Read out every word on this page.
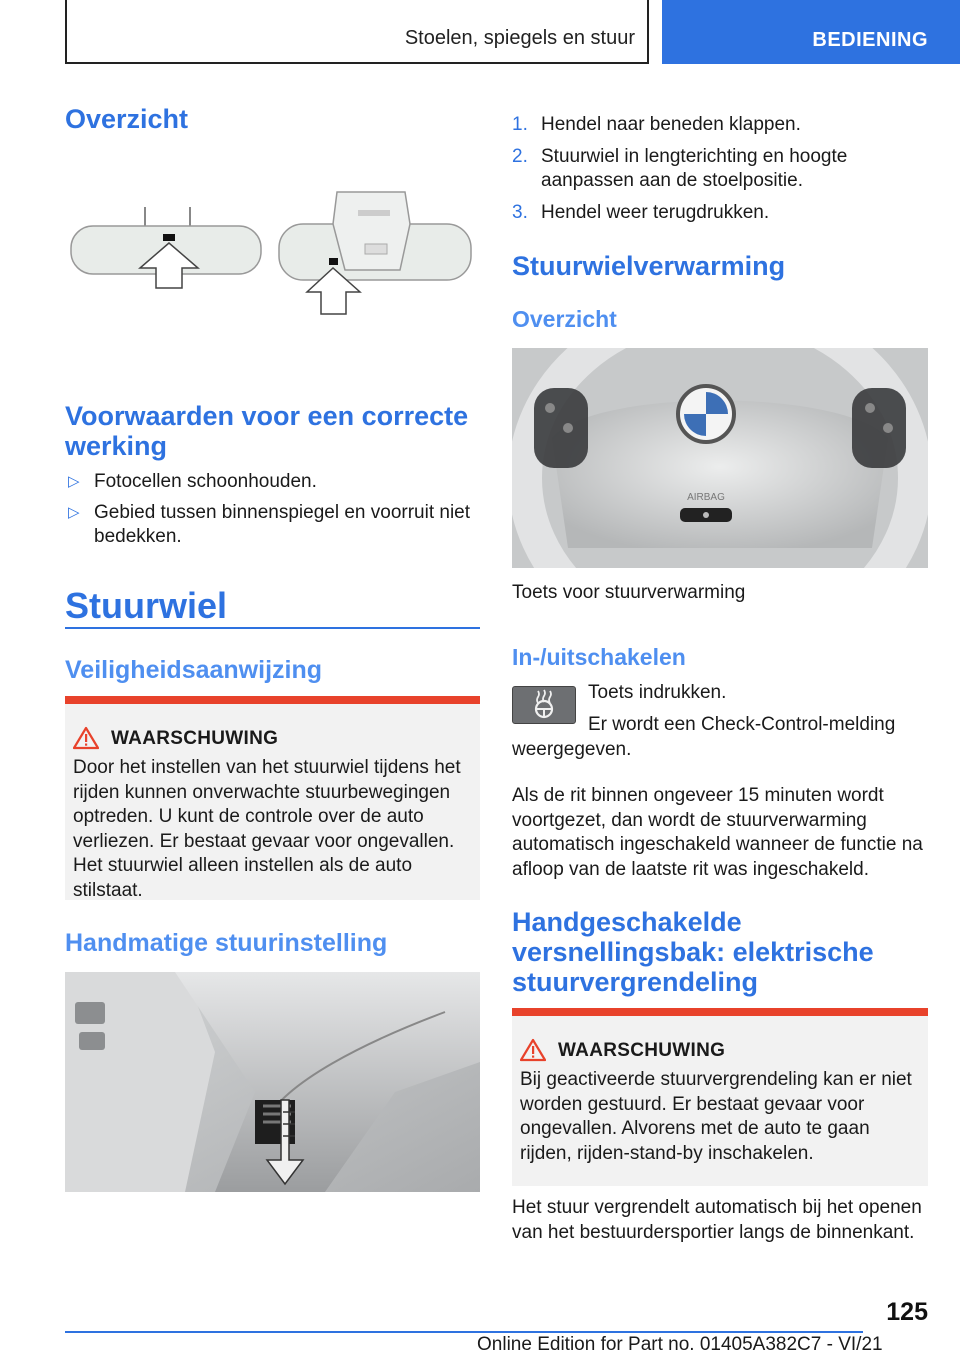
Stoelen, spiegels en stuur	BEDIENING
Overzicht
Voorwaarden voor een correcte werking
▷ Fotocellen schoonhouden.
▷ Gebied tussen binnenspiegel en voorruit niet bedekken.
Stuurwiel
Veiligheidsaanwijzing
WAARSCHUWING
Door het instellen van het stuurwiel tijdens het rijden kunnen onverwachte stuurbewegingen optreden. U kunt de controle over de auto verliezen. Er bestaat gevaar voor ongevallen. Het stuurwiel alleen instellen als de auto stilstaat.
Handmatige stuurinstelling
1. Hendel naar beneden klappen.
2. Stuurwiel in lengterichting en hoogte aanpassen aan de stoelpositie.
3. Hendel weer terugdrukken.
Stuurwielverwarming
Overzicht
AIRBAG
Toets voor stuurverwarming
In-/uitschakelen
Toets indrukken.
Er wordt een Check-Control-melding weergegeven.
Als de rit binnen ongeveer 15 minuten wordt voortgezet, dan wordt de stuurverwarming automatisch ingeschakeld wanneer de functie na afloop van de laatste rit was ingeschakeld.
Handgeschakelde versnellingsbak: elektrische stuurvergrendeling
WAARSCHUWING
Bij geactiveerde stuurvergrendeling kan er niet worden gestuurd. Er bestaat gevaar voor ongevallen. Alvorens met de auto te gaan rijden, rijden-stand-by inschakelen.
Het stuur vergrendelt automatisch bij het openen van het bestuurdersportier langs de binnenkant.
125
Online Edition for Part no. 01405A382C7 - VI/21
